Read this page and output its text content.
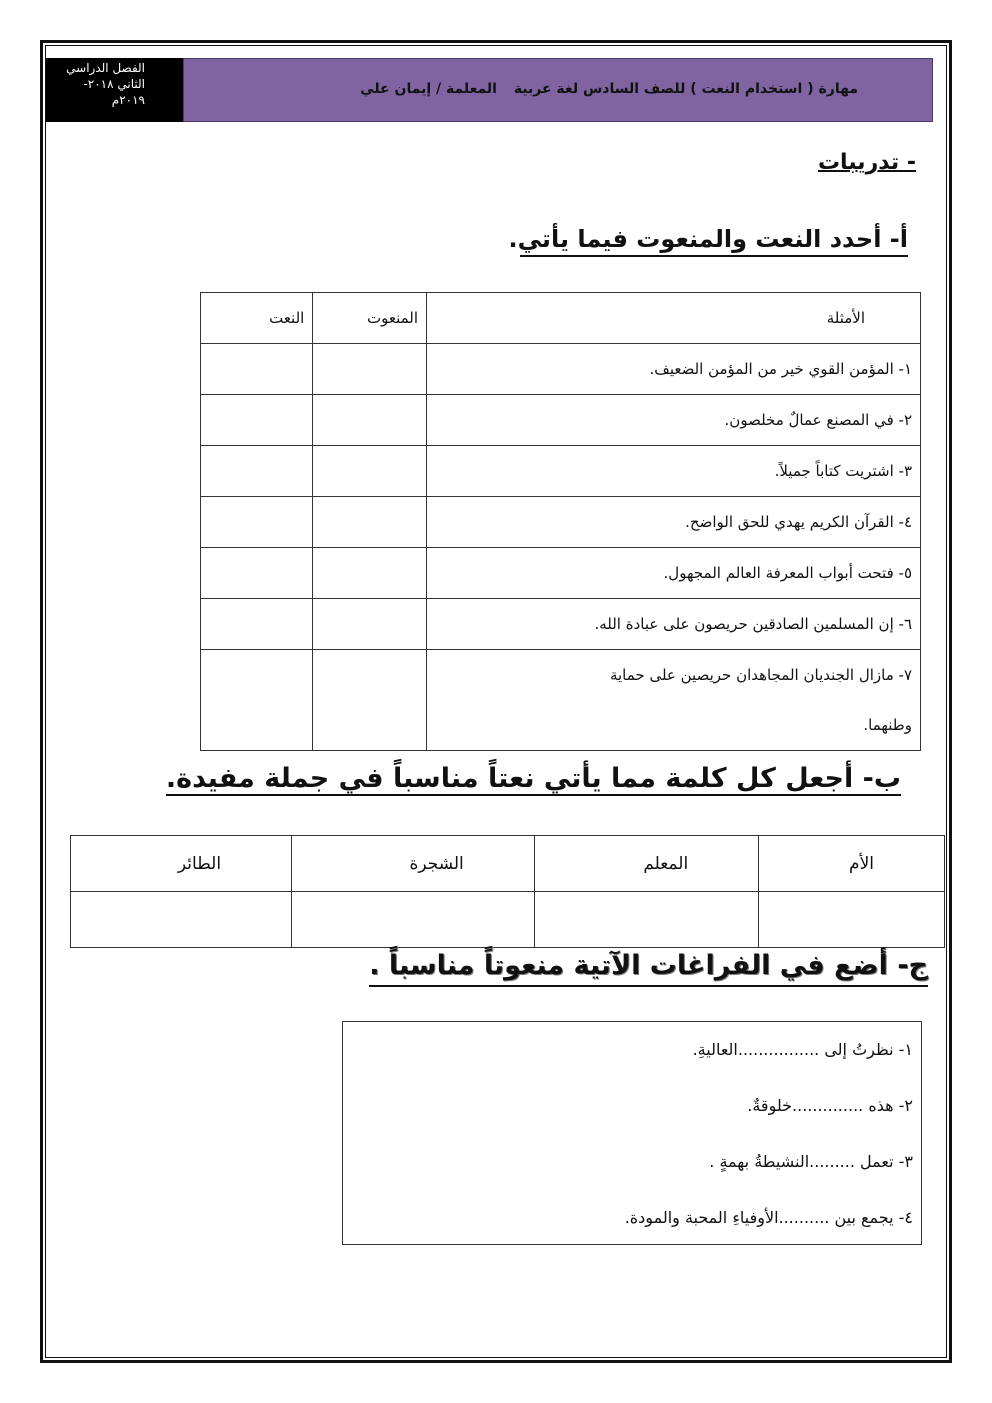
الفصل الدراسي
الثاني ٢٠١٨-
٢٠١٩م
مهارة ( استخدام النعت ) للصف السادس لغة عربية المعلمة / إيمان علي
- تدريبات
أ- أحدد النعت والمنعوت فيما يأتي.
الأمثلة	المنعوت	النعت
١- المؤمن القوي خير من المؤمن الضعيف.		
٢- في المصنع عمالٌ مخلصون.		
٣- اشتريت كتاباً جميلاً.		
٤- القرآن الكريم يهدي للحق الواضح.		
٥- فتحت أبواب المعرفة العالم المجهول.		
٦- إن المسلمين الصادقين حريصون على عبادة الله.		

٧- مازال الجنديان المجاهدان حريصين على حماية
وطنهما.		

ب- أجعل كل كلمة مما يأتي نعتاً مناسباً في جملة مفيدة.
الأم	المعلم	الشجرة	الطائر

ج- أضع في الفراغات الآتية منعوتاً مناسباً .
١- نظرتُ إلى ................العاليةِ.
٢- هذه ..............خلوقةٌ.
٣- تعمل .........النشيطةُ بهمةٍ .
٤- يجمع بين ..........الأوفياءِ المحبة والمودة.
